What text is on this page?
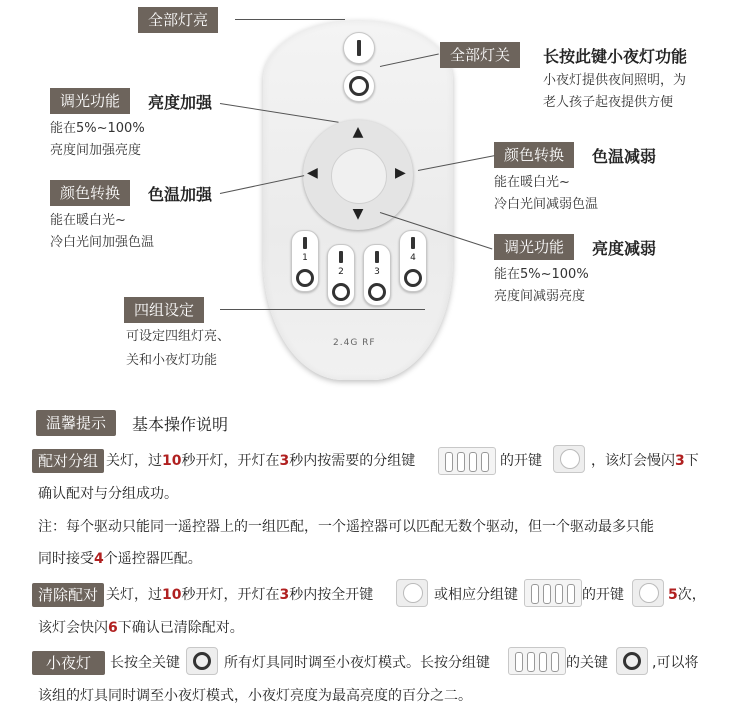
▲
▼
◀	▶
1
2	3
4
2.4G RF
全部灯亮
全部灯关	长按此键小夜灯功能
小夜灯提供夜间照明，为
老人孩子起夜提供方便
调光功能	亮度加强
能在5%~100%
亮度间加强亮度
颜色转换	色温加强
能在暖白光~
冷白光间加强色温
颜色转换	色温减弱
能在暖白光~
冷白光间减弱色温
调光功能	亮度减弱
能在5%~100%
亮度间减弱亮度
四组设定
可设定四组灯亮、
关和小夜灯功能
温馨提示	基本操作说明
配对分组 关灯，过10秒开灯，开灯在3秒内按需要的分组键	的开键	，该灯会慢闪3下
确认配对与分组成功。
注：每个驱动只能同一遥控器上的一组匹配，一个遥控器可以匹配无数个驱动，但一个驱动最多只能
同时接受4个遥控器匹配。
清除配对 关灯，过10秒开灯，开灯在3秒内按全开键	或相应分组键	的开键	5次，
该灯会快闪6下确认已清除配对。
小夜灯	长按全关键	所有灯具同时调至小夜灯模式。长按分组键	的关键	,可以将
该组的灯具同时调至小夜灯模式，小夜灯亮度为最高亮度的百分之二。
